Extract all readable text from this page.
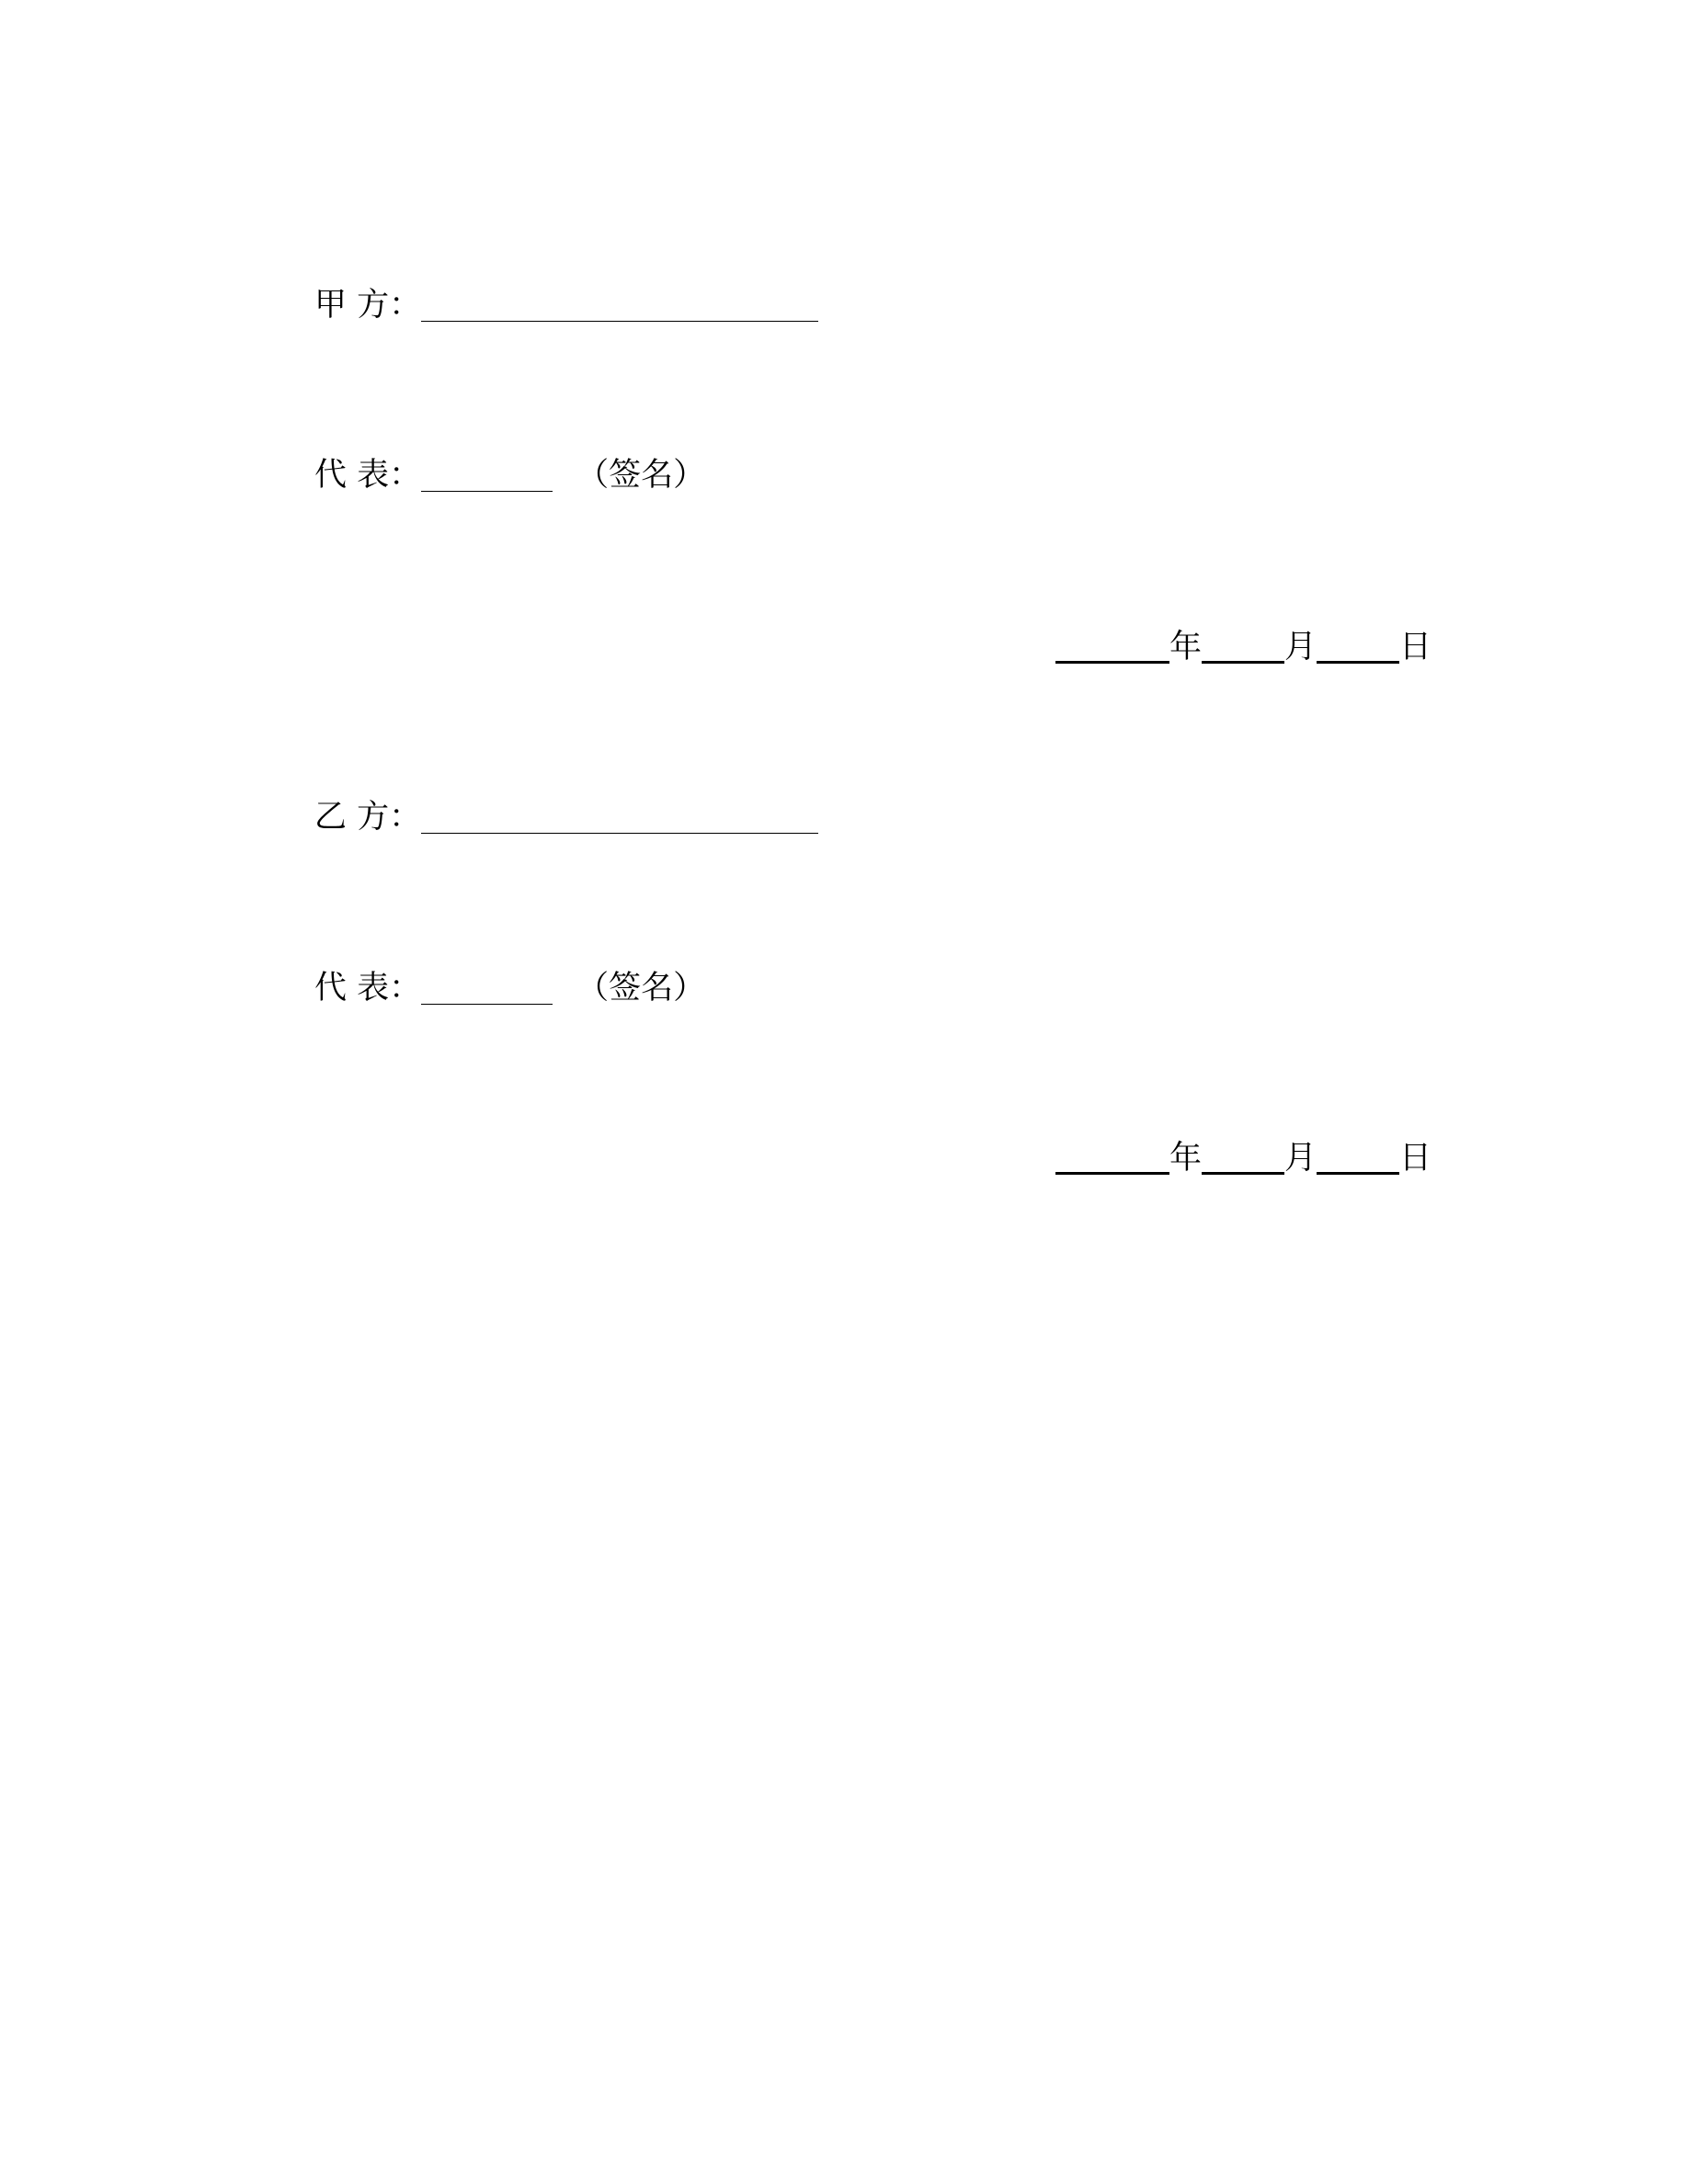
甲 方：
代 表：	（签名）
年	月	日
乙 方：
代 表：	（签名）
年	月	日
